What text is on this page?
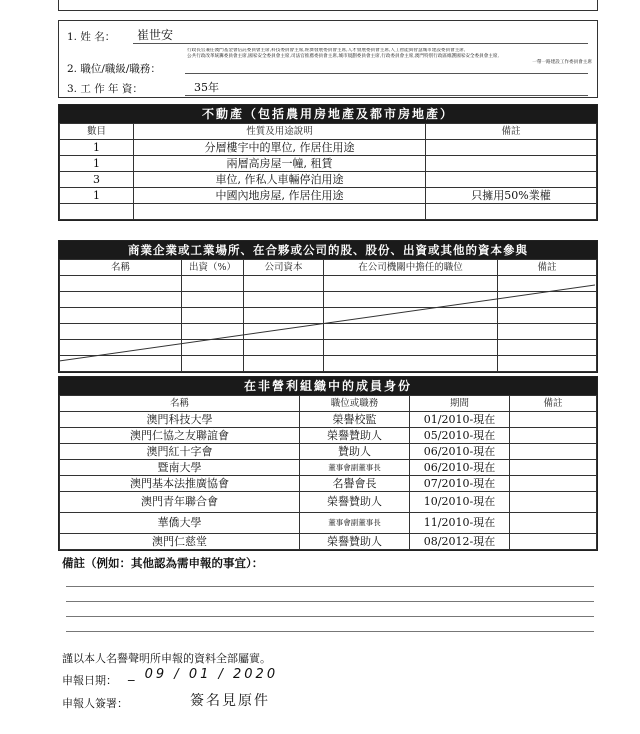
1. 姓 名： 崔世安
2. 職位/職級/職務：
行政長官兼任澳門基金會信託委員會主席,科技委員會主席,經濟發展委員會主席,人才發展委員會主席,人工智能與智慧城市建設委員會主席,
公共行政改革統籌委員會主席,國家安全委員會主席,司法官推薦委員會主席,城市規劃委員會主席,行政委員會主席,澳門特別行政區維護國家安全委員會主席,
一帶一路建設工作委員會主席
3. 工 作 年 資：	35年
不動產（包括農用房地產及都市房地產）
數目	性質及用途說明	備註
1	分層樓宇中的單位, 作居住用途	
1	兩層高房屋一幢, 租賃	
3	車位, 作私人車輛停泊用途	
1	中國內地房屋, 作居住用途	只擁用50%業權

商業企業或工業場所、在合夥或公司的股、股份、出資或其他的資本參與
名稱	出資（%）	公司資本	在公司機關中擔任的職位	備註

在非營利組織中的成員身份
名稱	職位或職務	期間	備註
澳門科技大學	榮譽校監	01/2010-現在	
澳門仁協之友聯誼會	榮譽贊助人	05/2010-現在	
澳門紅十字會	贊助人	06/2010-現在	
暨南大學	董事會副董事長	06/2010-現在	
澳門基本法推廣協會	名譽會長	07/2010-現在	
澳門青年聯合會	榮譽贊助人	10/2010-現在	
華僑大學	董事會副董事長	11/2010-現在	
澳門仁慈堂	榮譽贊助人	08/2012-現在	
備註（例如：其他認為需申報的事宜）：
謹以本人名譽聲明所申報的資料全部屬實。
申報日期： _ 09 / 01 / 2020
申報人簽署：	簽名見原件
